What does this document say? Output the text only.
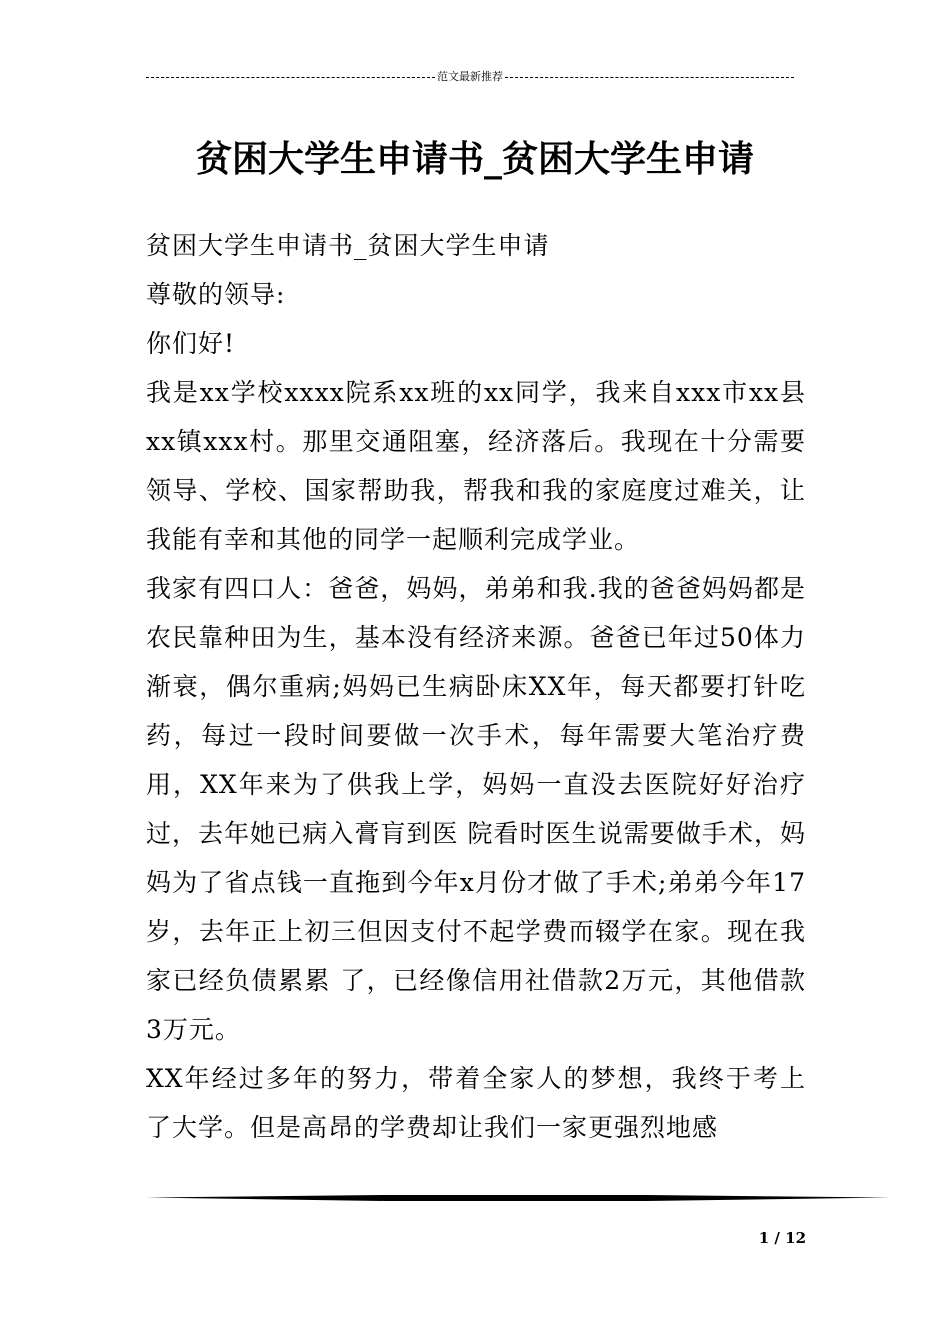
范文最新推荐
贫困大学生申请书_贫困大学生申请

贫困大学生申请书_贫困大学生申请

尊敬的领导:

你们好!

我是xx学校xxxx院系xx班的xx同学，我来自xxx市xx县xx镇xxx村。那里交通阻塞，经济落后。我现在十分需要领导、学校、国家帮助我，帮我和我的家庭度过难关，让我能有幸和其他的同学一起顺利完成学业。

我家有四口人：爸爸，妈妈，弟弟和我.我的爸爸妈妈都是农民靠种田为生，基本没有经济来源。爸爸已年过50体力渐衰，偶尔重病;妈妈已生病卧床XX年，每天都要打针吃药，每过一段时间要做一次手术，每年需要大笔治疗费用，XX年来为了供我上学，妈妈一直没去医院好好治疗过，去年她已病入膏肓到医 院看时医生说需要做手术，妈妈为了省点钱一直拖到今年x月份才做了手术;弟弟今年17岁，去年正上初三但因支付不起学费而辍学在家。现在我家已经负债累累 了，已经像信用社借款2万元，其他借款3万元。

XX年经过多年的努力，带着全家人的梦想，我终于考上了大学。但是高昂的学费却让我们一家更强烈地感

1 / 12
